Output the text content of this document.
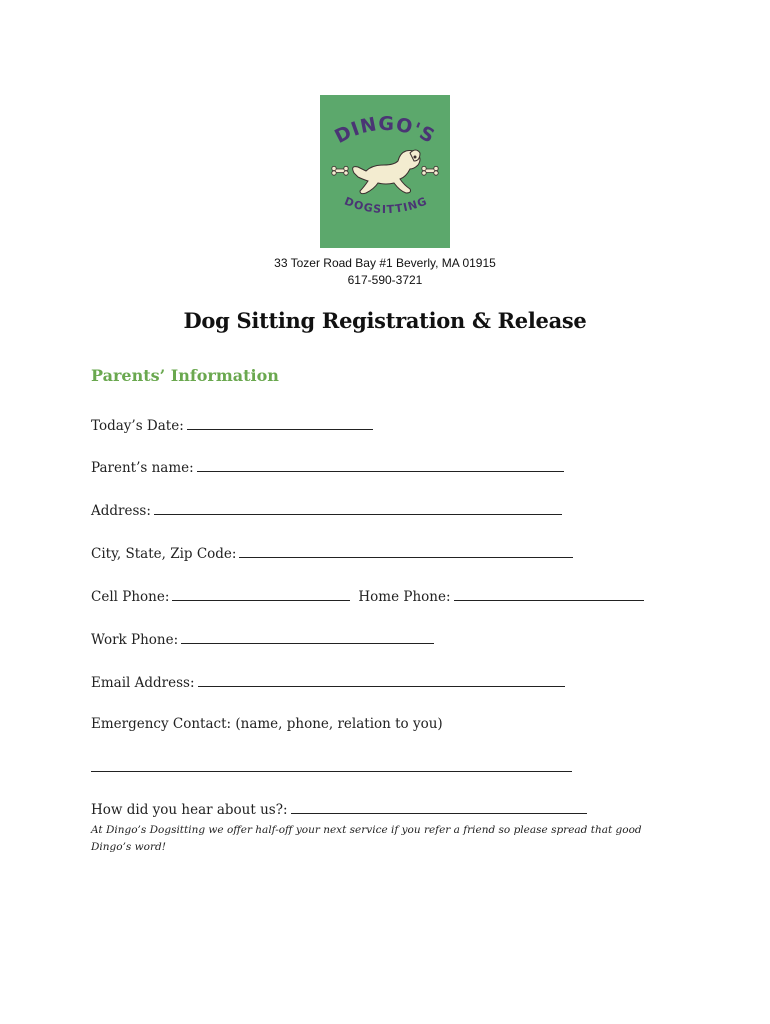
DINGO'S
DOGSITTING
33 Tozer Road Bay #1 Beverly, MA 01915
617-590-3721
Dog Sitting Registration & Release
Parents’ Information
Today’s Date:
Parent’s name:
Address:
City, State, Zip Code:
Cell Phone:	Home Phone:
Work Phone:
Email Address:
Emergency Contact: (name, phone, relation to you)
How did you hear about us?:
At Dingo’s Dogsitting we offer half-off your next service if you refer a friend so please spread that good Dingo’s word!
